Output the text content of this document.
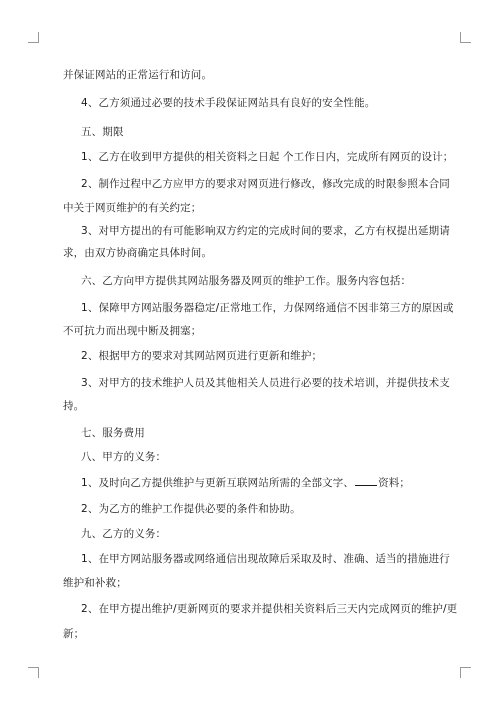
并保证网站的正常运行和访问。
4、乙方须通过必要的技术手段保证网站具有良好的安全性能。
五、期限
1、乙方在收到甲方提供的相关资料之日起 个工作日内，完成所有网页的设计；
2、制作过程中乙方应甲方的要求对网页进行修改，修改完成的时限参照本合同
中关于网页维护的有关约定；
3、对甲方提出的有可能影响双方约定的完成时间的要求，乙方有权提出延期请
求，由双方协商确定具体时间。
六、乙方向甲方提供其网站服务器及网页的维护工作。服务内容包括：
1、保障甲方网站服务器稳定/正常地工作，力保网络通信不因非第三方的原因或
不可抗力而出现中断及拥塞；
2、根据甲方的要求对其网站网页进行更新和维护；
3、对甲方的技术维护人员及其他相关人员进行必要的技术培训，并提供技术支
持。
七、服务费用
八、甲方的义务：
1、及时向乙方提供维护与更新互联网站所需的全部文字、 资料；
2、为乙方的维护工作提供必要的条件和协助。
九、乙方的义务：
1、在甲方网站服务器或网络通信出现故障后采取及时、准确、适当的措施进行
维护和补救；
2、在甲方提出维护/更新网页的要求并提供相关资料后三天内完成网页的维护/更
新；
